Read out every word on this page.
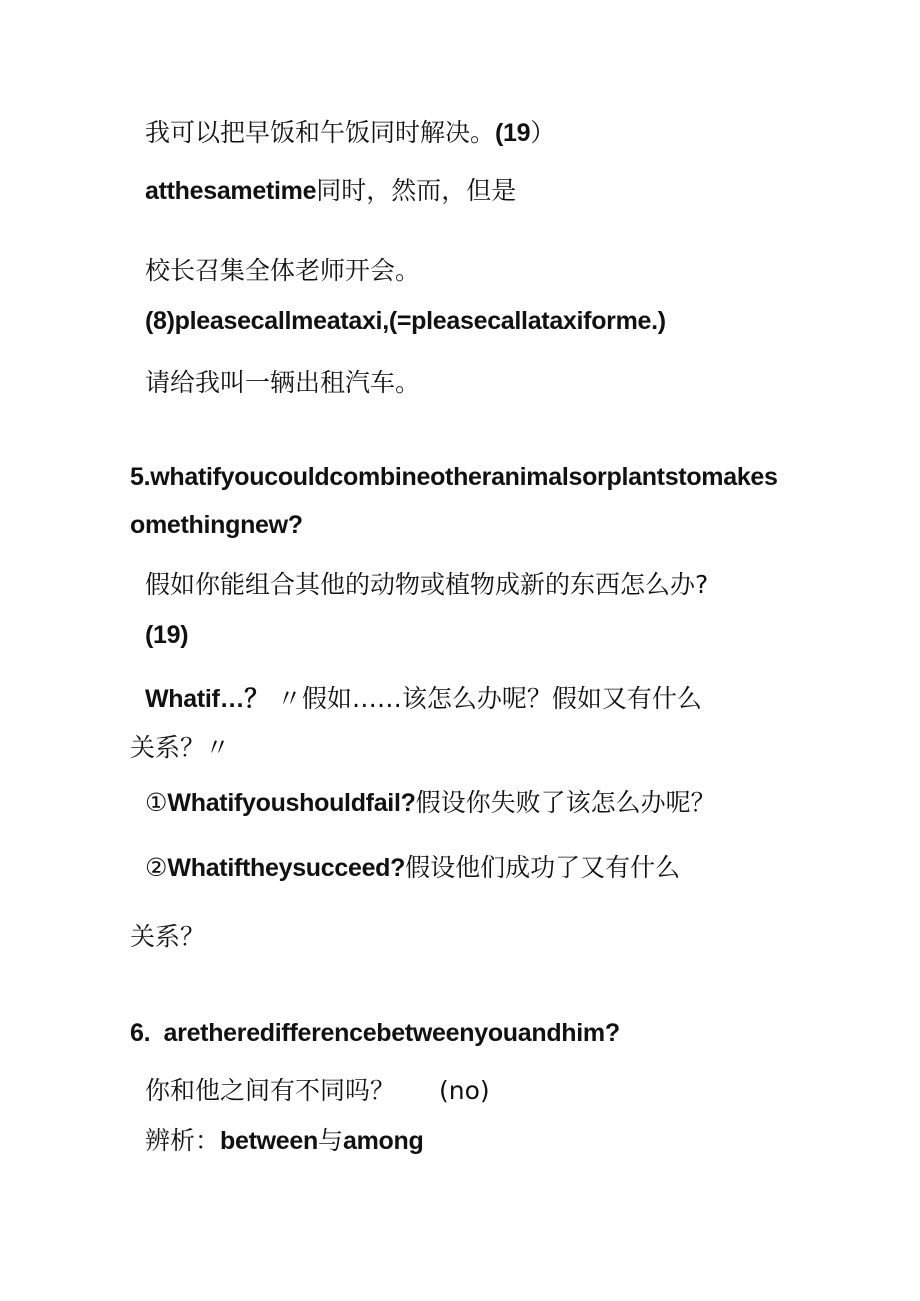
我可以把早饭和午饭同时解决。(19）
atthesametime同时，然而，但是
校长召集全体老师开会。
(8)pleasecallmeataxi,(=pleasecallataxiforme.)
请给我叫一辆出租汽车。
5.whatifyoucouldcombineotheranimalsorplantstomakes
omethingnew?
假如你能组合其他的动物或植物成新的东西怎么办?
(19)
Whatif…？ 〃假如……该怎么办呢？假如又有什么
关系？〃
①Whatifyoushouldfail?假设你失败了该怎么办呢？
②Whatiftheysucceed?假设他们成功了又有什么
关系？
6.  aretheredifferencebetweenyouandhim?
你和他之间有不同吗？ (no)
辨析：between与among
